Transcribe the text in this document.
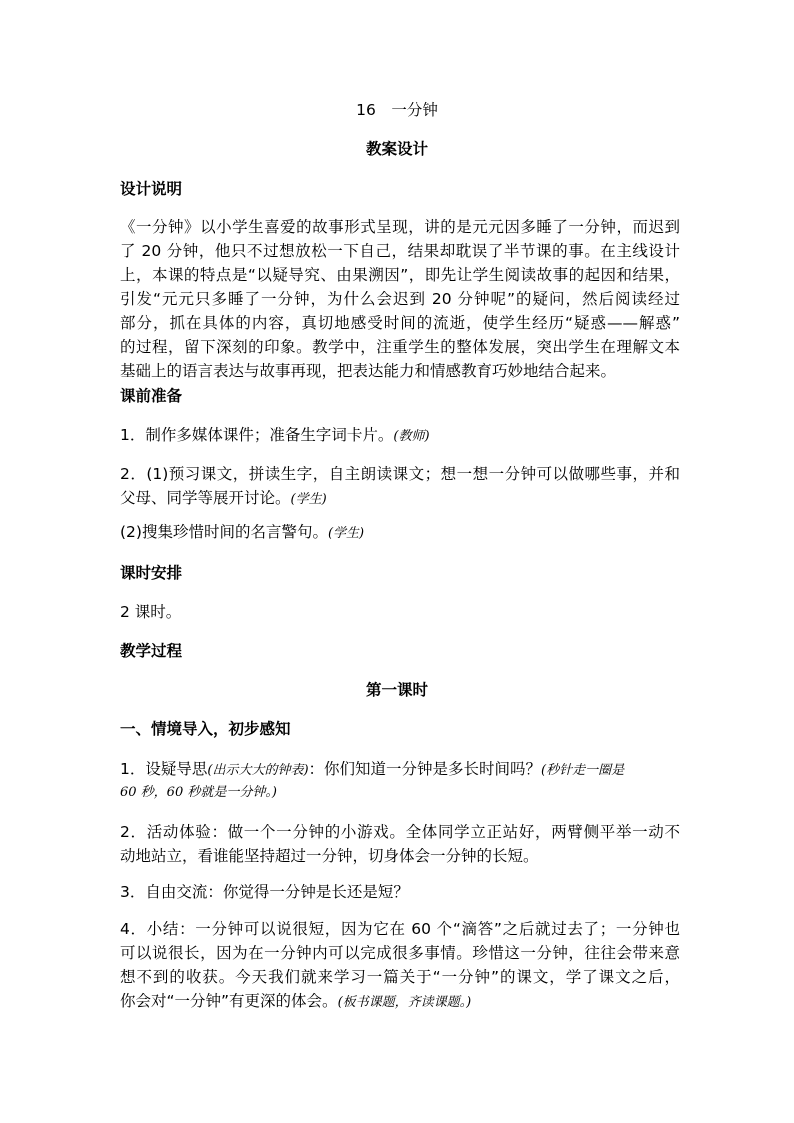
16　一分钟
教案设计
设计说明
《一分钟》以小学生喜爱的故事形式呈现，讲的是元元因多睡了一分钟，而迟到
了 20 分钟，他只不过想放松一下自己，结果却耽误了半节课的事。在主线设计
上，本课的特点是“以疑导究、由果溯因”，即先让学生阅读故事的起因和结果，
引发“元元只多睡了一分钟，为什么会迟到 20 分钟呢”的疑问，然后阅读经过
部分，抓在具体的内容，真切地感受时间的流逝，使学生经历“疑惑——解惑”
的过程，留下深刻的印象。教学中，注重学生的整体发展，突出学生在理解文本
基础上的语言表达与故事再现，把表达能力和情感教育巧妙地结合起来。
课前准备
1．制作多媒体课件；准备生字词卡片。(教师)
2．(1)预习课文，拼读生字，自主朗读课文；想一想一分钟可以做哪些事，并和
父母、同学等展开讨论。(学生)
(2)搜集珍惜时间的名言警句。(学生)
课时安排
2 课时。
教学过程
第一课时
一、情境导入，初步感知
1．设疑导思(出示大大的钟表)：你们知道一分钟是多长时间吗？(秒针走一圈是
60 秒，60 秒就是一分钟。)
2．活动体验：做一个一分钟的小游戏。全体同学立正站好，两臂侧平举一动不
动地站立，看谁能坚持超过一分钟，切身体会一分钟的长短。
3．自由交流：你觉得一分钟是长还是短？
4．小结：一分钟可以说很短，因为它在 60 个“滴答”之后就过去了；一分钟也
可以说很长，因为在一分钟内可以完成很多事情。珍惜这一分钟，往往会带来意
想不到的收获。今天我们就来学习一篇关于“一分钟”的课文，学了课文之后，
你会对“一分钟”有更深的体会。(板书课题，齐读课题。)
